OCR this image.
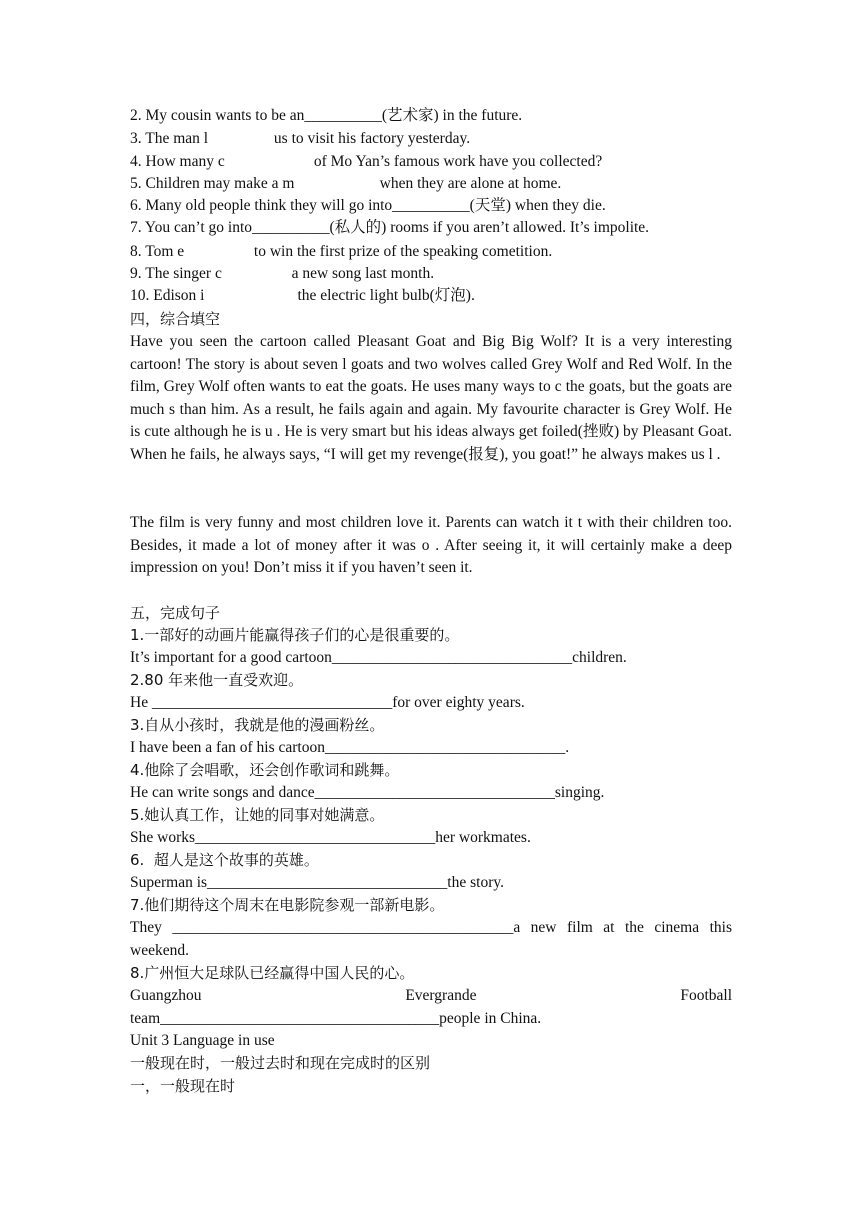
2. My cousin wants to be an__________(艺术家) in the future.
3. The man l                 us to visit his factory yesterday.
4. How many c                       of Mo Yan’s famous work have you collected?
5. Children may make a m                      when they are alone at home.
6. Many old people think they will go into__________(天堂) when they die.
7. You can’t go into__________(私人的) rooms if you aren’t allowed. It’s impolite.
8. Tom e                  to win the first prize of the speaking cometition.
9. The singer c                  a new song last month.
10. Edison i                        the electric light bulb(灯泡).
四，综合填空
Have you seen the cartoon called Pleasant Goat and Big Big Wolf? It is a very interesting cartoon! The story is about seven l goats and two wolves called Grey Wolf and Red Wolf. In the film, Grey Wolf often wants to eat the goats. He uses many ways to c the goats, but the goats are much s than him. As a result, he fails again and again. My favourite character is Grey Wolf. He is cute although he is u . He is very smart but his ideas always get foiled(挫败) by Pleasant Goat. When he fails, he always says, “I will get my revenge(报复), you goat!” he always makes us l .
The film is very funny and most children love it. Parents can watch it t with their children too. Besides, it made a lot of money after it was o . After seeing it, it will certainly make a deep impression on you! Don’t miss it if you haven’t seen it.
五，完成句子
1.一部好的动画片能赢得孩子们的心是很重要的。
It’s important for a good cartoon_______________________________children.
2.80 年来他一直受欢迎。
He _______________________________for over eighty years.
3.自从小孩时，我就是他的漫画粉丝。
I have been a fan of his cartoon_______________________________.
4.他除了会唱歌，还会创作歌词和跳舞。
He can write songs and dance_______________________________singing.
5.她认真工作，让她的同事对她满意。
She works_______________________________her workmates.
6.  超人是这个故事的英雄。
Superman is_______________________________the story.
7.他们期待这个周末在电影院参观一部新电影。
They ____________________________________________a new film at the cinema this weekend.
8.广州恒大足球队已经赢得中国人民的心。
Guangzhou	Evergrande	Football
team____________________________________people in China.
Unit 3 Language in use
一般现在时，一般过去时和现在完成时的区别
一，一般现在时
